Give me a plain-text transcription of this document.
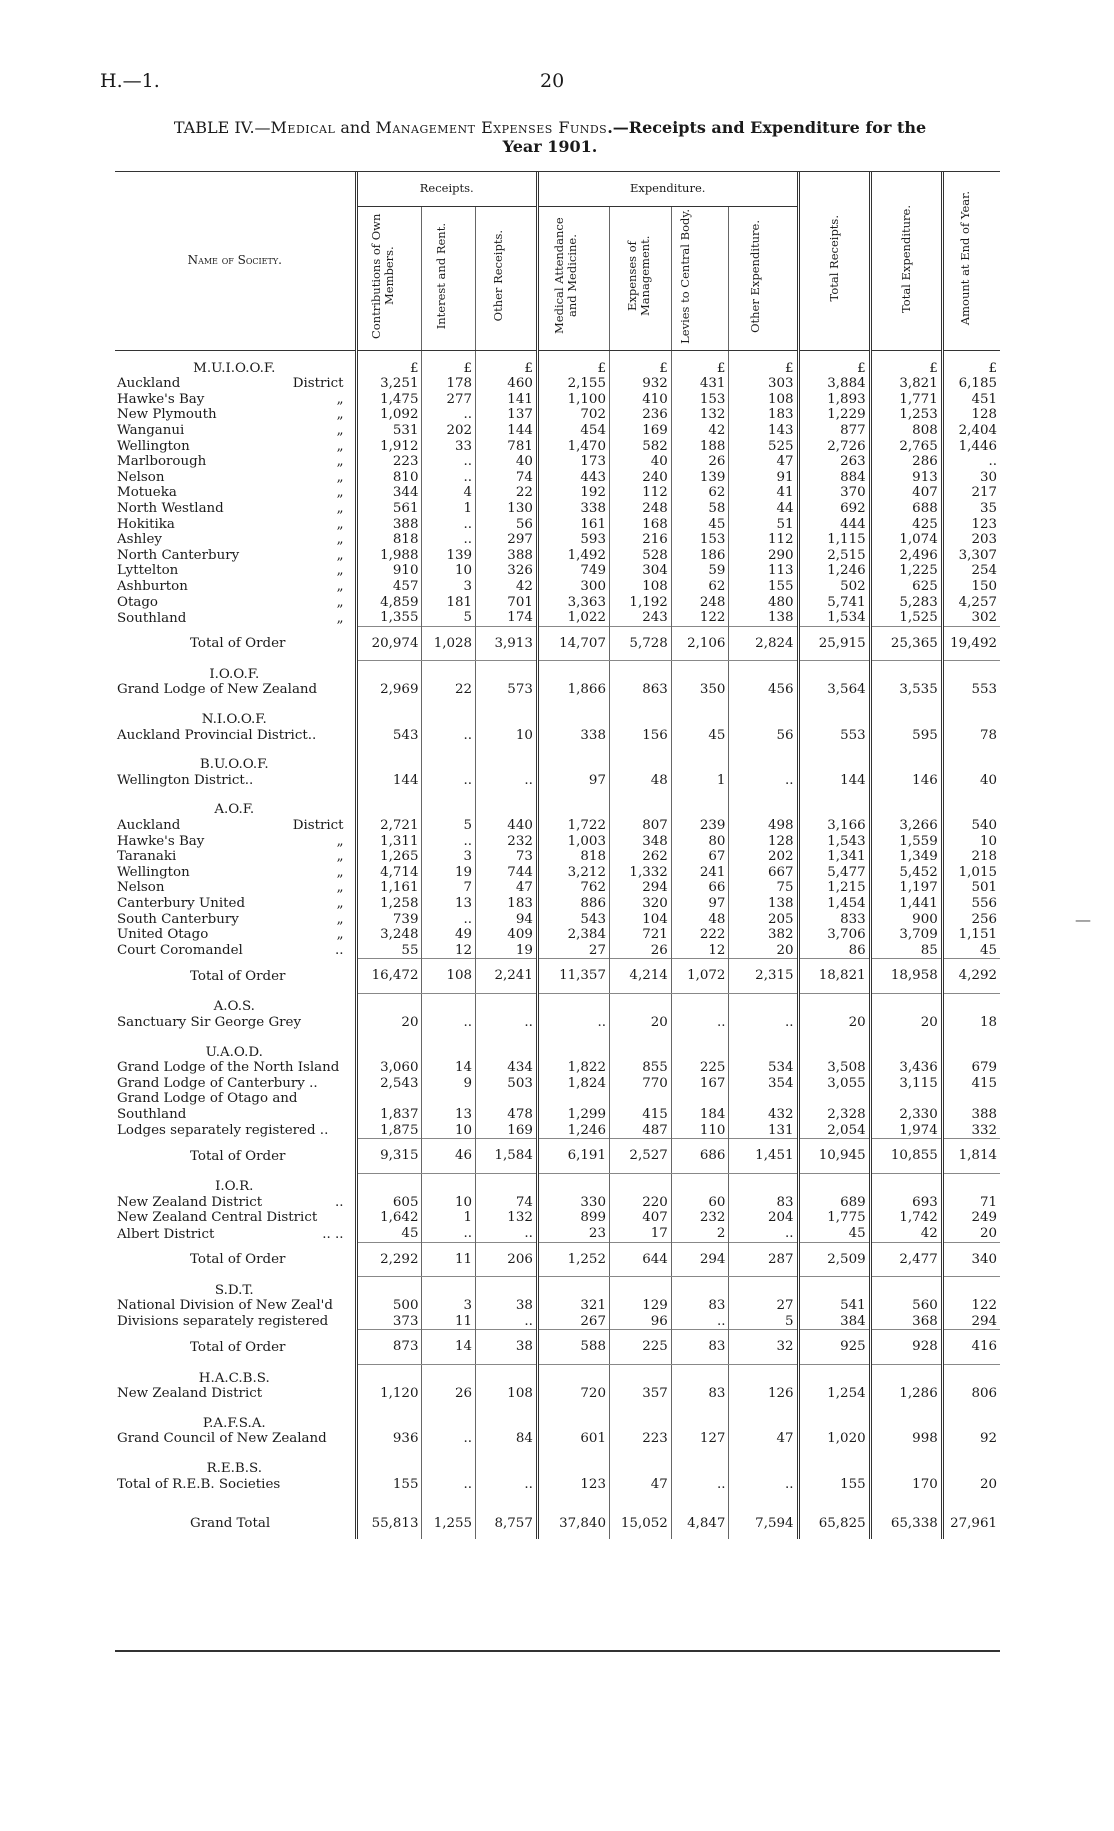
H.—1.	20
TABLE IV.—Medical and Management Expenses Funds.—Receipts and Expenditure for the
Year 1901.
Name of Society.	Receipts.			Expenditure.				Total Receipts.	Total Expenditure.	Amount at End of Year.
	Contributions of Own Members.	Interest and Rent.	Other Receipts.	Medical Attendance and Medicine.	Expenses of Management.	Levies to Central Body.	Other Expenditure.			
M.U.I.O.O.F.	£	£	£	£	£	£	£	£	£	£

Auckland District	3,251	178	460	2,155	932	431	303	3,884	3,821	6,185

Hawke's Bay „	1,475	277	141	1,100	410	153	108	1,893	1,771	451

New Plymouth „	1,092	..	137	702	236	132	183	1,229	1,253	128

Wanganui „	531	202	144	454	169	42	143	877	808	2,404

Wellington „	1,912	33	781	1,470	582	188	525	2,726	2,765	1,446

Marlborough „	223	..	40	173	40	26	47	263	286	..

Nelson „	810	..	74	443	240	139	91	884	913	30

Motueka „	344	4	22	192	112	62	41	370	407	217

North Westland „	561	1	130	338	248	58	44	692	688	35

Hokitika „	388	..	56	161	168	45	51	444	425	123

Ashley „	818	..	297	593	216	153	112	1,115	1,074	203

North Canterbury „	1,988	139	388	1,492	528	186	290	2,515	2,496	3,307

Lyttelton „	910	10	326	749	304	59	113	1,246	1,225	254

Ashburton „	457	3	42	300	108	62	155	502	625	150

Otago „	4,859	181	701	3,363	1,192	248	480	5,741	5,283	4,257

Southland „	1,355	5	174	1,022	243	122	138	1,534	1,525	302
Total of Order	20,974	1,028	3,913	14,707	5,728	2,106	2,824	25,915	25,365	19,492
I.O.O.F.										
Grand Lodge of New Zealand	2,969	22	573	1,866	863	350	456	3,564	3,535	553
N.I.O.O.F.										
Auckland Provincial District..	543	..	10	338	156	45	56	553	595	78
B.U.O.O.F.										
Wellington District..	144	..	..	97	48	1	..	144	146	40
A.O.F.										

Auckland District	2,721	5	440	1,722	807	239	498	3,166	3,266	540

Hawke's Bay „	1,311	..	232	1,003	348	80	128	1,543	1,559	10

Taranaki „	1,265	3	73	818	262	67	202	1,341	1,349	218

Wellington „	4,714	19	744	3,212	1,332	241	667	5,477	5,452	1,015

Nelson „	1,161	7	47	762	294	66	75	1,215	1,197	501

Canterbury United „	1,258	13	183	886	320	97	138	1,454	1,441	556

South Canterbury „	739	..	94	543	104	48	205	833	900	256

United Otago „	3,248	49	409	2,384	721	222	382	3,706	3,709	1,151

Court Coromandel ..	55	12	19	27	26	12	20	86	85	45
Total of Order	16,472	108	2,241	11,357	4,214	1,072	2,315	18,821	18,958	4,292
A.O.S.										
Sanctuary Sir George Grey	20	..	..	..	20	..	..	20	20	18
U.A.O.D.										

Grand Lodge of the North Island	3,060	14	434	1,822	855	225	534	3,508	3,436	679

Grand Lodge of Canterbury ..	2,543	9	503	1,824	770	167	354	3,055	3,115	415

Grand Lodge of Otago and Southland	1,837	13	478	1,299	415	184	432	2,328	2,330	388

Lodges separately registered ..	1,875	10	169	1,246	487	110	131	2,054	1,974	332
Total of Order	9,315	46	1,584	6,191	2,527	686	1,451	10,945	10,855	1,814
I.O.R.										

New Zealand District ..	605	10	74	330	220	60	83	689	693	71

New Zealand Central District	1,642	1	132	899	407	232	204	1,775	1,742	249

Albert District .. ..	45	..	..	23	17	2	..	45	42	20
Total of Order	2,292	11	206	1,252	644	294	287	2,509	2,477	340
S.D.T.										

National Division of New Zeal'd	500	3	38	321	129	83	27	541	560	122

Divisions separately registered	373	11	..	267	96	..	5	384	368	294
Total of Order	873	14	38	588	225	83	32	925	928	416
H.A.C.B.S.										
New Zealand District	1,120	26	108	720	357	83	126	1,254	1,286	806
P.A.F.S.A.										
Grand Council of New Zealand	936	..	84	601	223	127	47	1,020	998	92
R.E.B.S.										
Total of R.E.B. Societies	155	..	..	123	47	..	..	155	170	20
Grand Total	55,813	1,255	8,757	37,840	15,052	4,847	7,594	65,825	65,338	27,961
—
